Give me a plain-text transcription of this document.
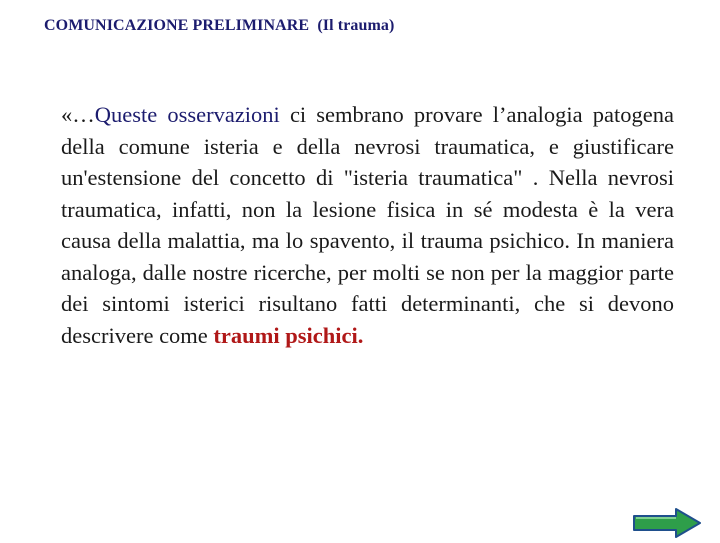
COMUNICAZIONE PRELIMINARE  (Il trauma)
«…Queste osservazioni ci sembrano provare l’analogia patogena della comune isteria e della nevrosi traumatica, e giustificare un'estensione del concetto di "isteria traumatica" . Nella nevrosi traumatica, infatti, non la lesione fisica in sé modesta è la vera causa della malattia, ma lo spavento, il trauma psichico. In maniera analoga, dalle nostre ricerche, per molti se non per la maggior parte dei sintomi isterici risultano fatti determinanti, che si devono descrivere come traumi psichici.
